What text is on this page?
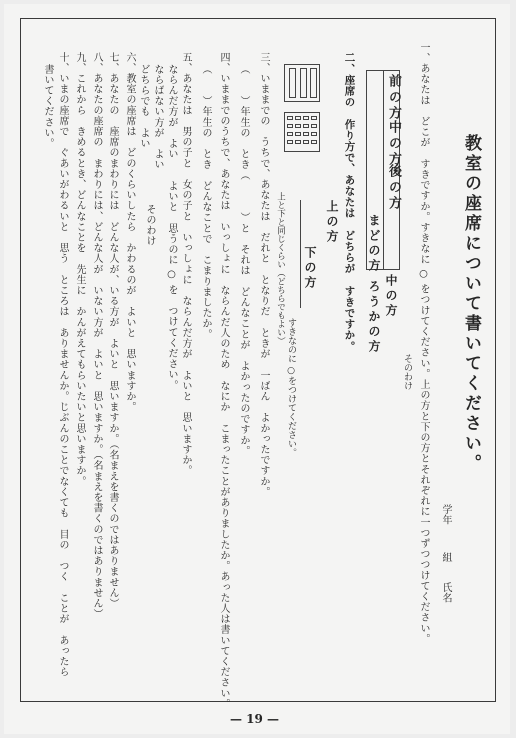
教室の座席について書いてください。
学年
組
氏名
一、あなたは　どこが　すきですか。すきなに ○ をつけてください。上の方と下の方とそれぞれに一つずつつけてください。
そのわけ
前の方
中の方
後の方
まどの方
中の方
ろうかの方
二、座席の　作り方で、あなたは　どちらが　すきですか。
上の方
下の方
上と下と同じくらい（どちらでもよい）
すきなのに ○をつけてください。
三、いままでの　うちで、あなたは　だれと　となりだ　ときが　一ばん　よかったですか。
（　　）年生の　とき（　　　）と　それは　どんなことが　よかったのですか。
四、いままでのうちで、あなたは　いっしょに　ならんだ人のため　なにか　こまったことがありましたか。あった人は書いてください。
（　　）年生の　とき　どんなことで　こまりましたか。
五、あなたは　男の子と　女の子と　いっしょに　ならんだ方が　よいと　思いますか。
ならんだ方が　よい　　よいと　思うのに ○ を　つけてください。
ならばない方が　よい
どちらでも　よい
そのわけ
六、教室の座席は　どのくらいしたら　かわるのが　よいと　思いますか。
七、あなたの　座席のまわりには　どんな人が、いる方が　よいと　思いますか。（名まえを書くのではありません）
八、あなたの座席の　まわりには、どんな人が　いない方が　よいと　思いますか。（名まえを書くのではありません）
九、これから　きめるとき、どんなことを　先生に　かんがえてもらいたいと思いますか。
十、いまの座席で　ぐあいがわるいと　思う　ところは　ありませんか。じぶんのことでなくても　目の　つく　ことが　あったら
書いてください。
— 19 —
